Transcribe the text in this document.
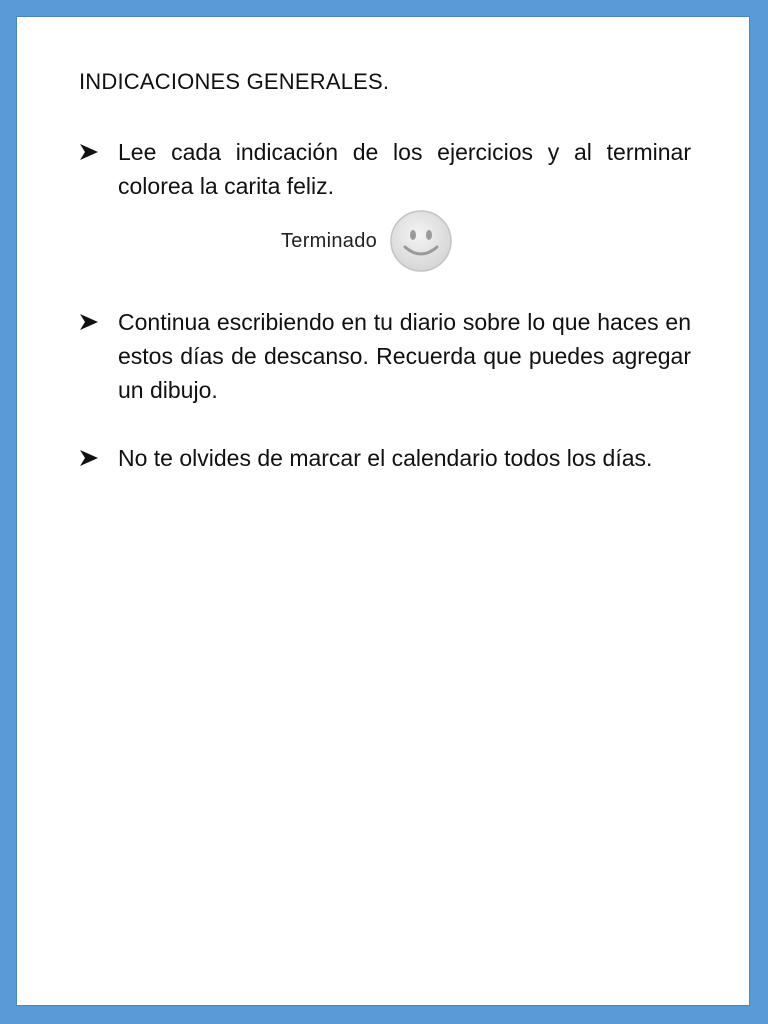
INDICACIONES GENERALES.
Lee cada indicación de los ejercicios y al terminar colorea la carita feliz.
Terminado
Continua escribiendo en tu diario sobre lo que haces en estos días de descanso. Recuerda que puedes agregar un dibujo.
No te olvides de marcar el calendario todos los días.
